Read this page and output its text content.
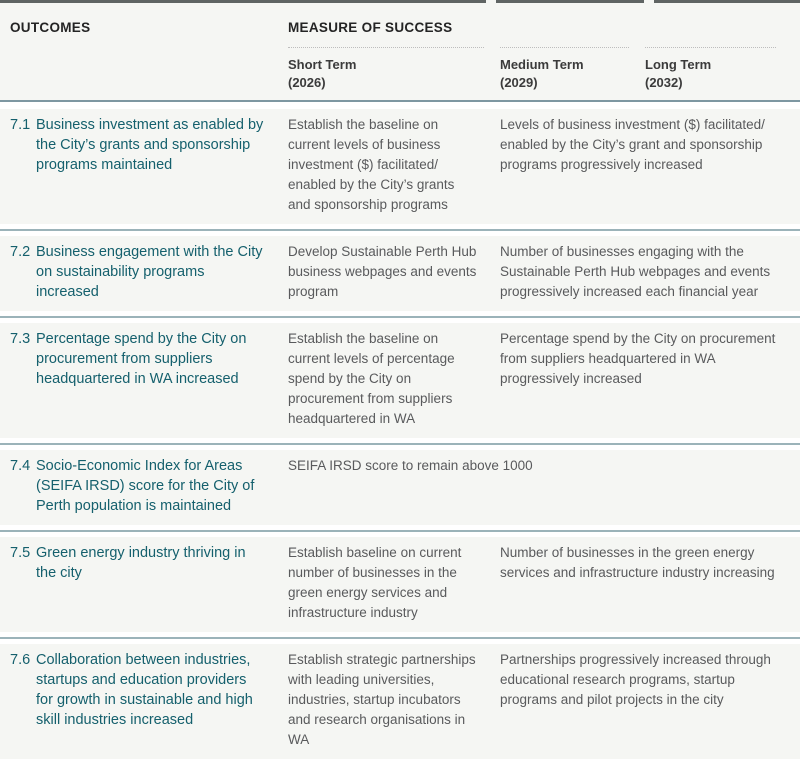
OUTCOMES	MEASURE OF SUCCESS
Short Term
(2026)
Medium Term
(2029)
Long Term
(2032)
7.1 Business investment as enabled by the City’s grants and sponsorship programs maintained
Establish the baseline on current levels of business investment ($) facilitated/ enabled by the City’s grants and sponsorship programs
Levels of business investment ($) facilitated/ enabled by the City’s grant and sponsorship programs progressively increased
7.2 Business engagement with the City on sustainability programs increased
Develop Sustainable Perth Hub business webpages and events program
Number of businesses engaging with the Sustainable Perth Hub webpages and events progressively increased each financial year
7.3 Percentage spend by the City on procurement from suppliers headquartered in WA increased
Establish the baseline on current levels of percentage spend by the City on procurement from suppliers headquartered in WA
Percentage spend by the City on procurement from suppliers headquartered in WA progressively increased
7.4 Socio-Economic Index for Areas (SEIFA IRSD) score for the City of Perth population is maintained
SEIFA IRSD score to remain above 1000
7.5 Green energy industry thriving in the city
Establish baseline on current number of businesses in the green energy services and infrastructure industry
Number of businesses in the green energy services and infrastructure industry increasing
7.6 Collaboration between industries, startups and education providers for growth in sustainable and high skill industries increased
Establish strategic partnerships with leading universities, industries, startup incubators and research organisations in WA
Partnerships progressively increased through educational research programs, startup programs and pilot projects in the city
